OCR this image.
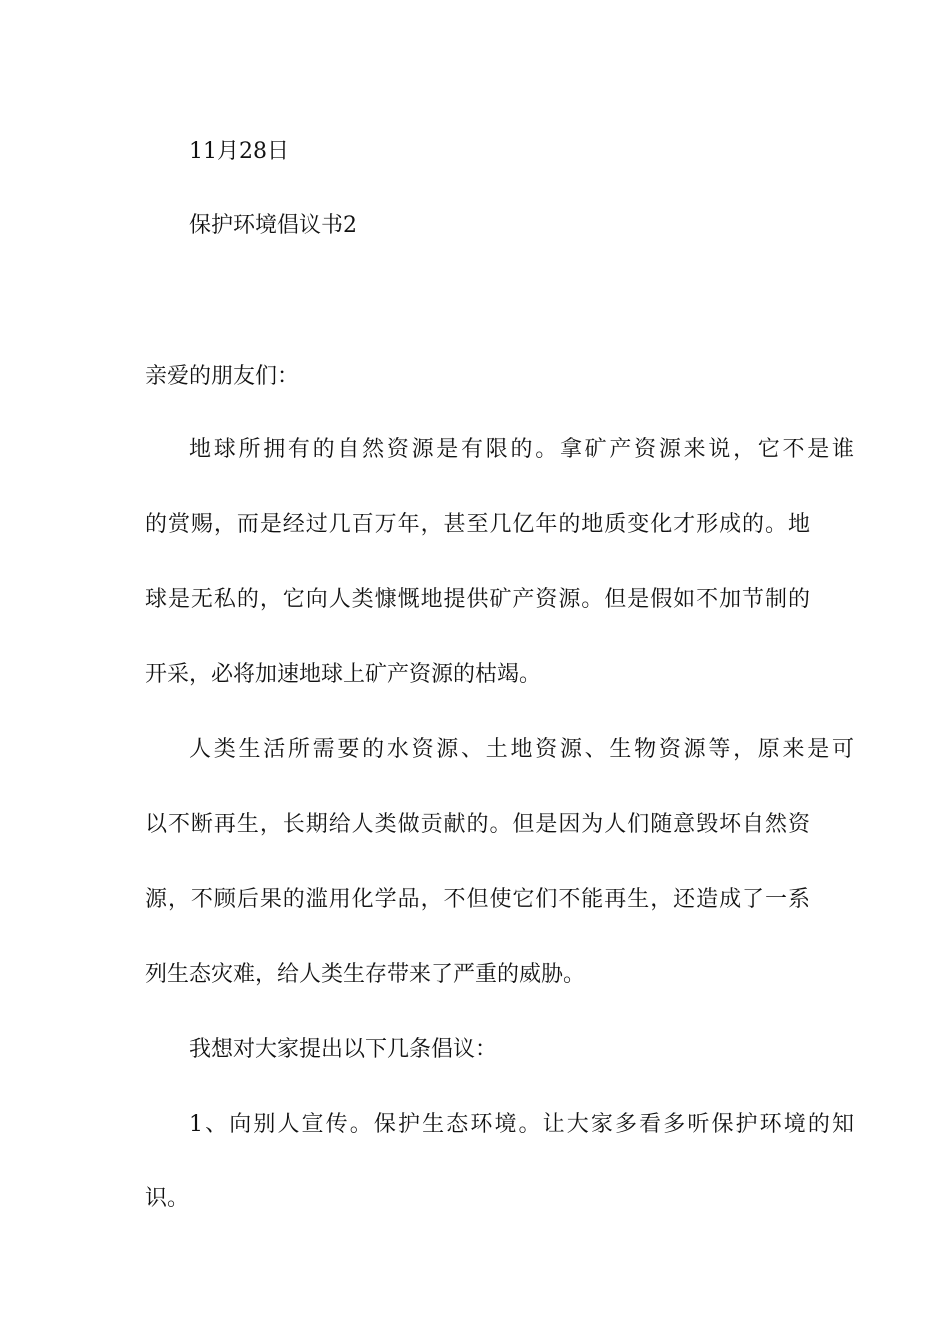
11月28日
保护环境倡议书2
亲爱的朋友们：
地球所拥有的自然资源是有限的。拿矿产资源来说，它不是谁
的赏赐，而是经过几百万年，甚至几亿年的地质变化才形成的。地
球是无私的，它向人类慷慨地提供矿产资源。但是假如不加节制的
开采，必将加速地球上矿产资源的枯竭。
人类生活所需要的水资源、土地资源、生物资源等，原来是可
以不断再生，长期给人类做贡献的。但是因为人们随意毁坏自然资
源，不顾后果的滥用化学品，不但使它们不能再生，还造成了一系
列生态灾难，给人类生存带来了严重的威胁。
我想对大家提出以下几条倡议：
1、向别人宣传。保护生态环境。让大家多看多听保护环境的知
识。
